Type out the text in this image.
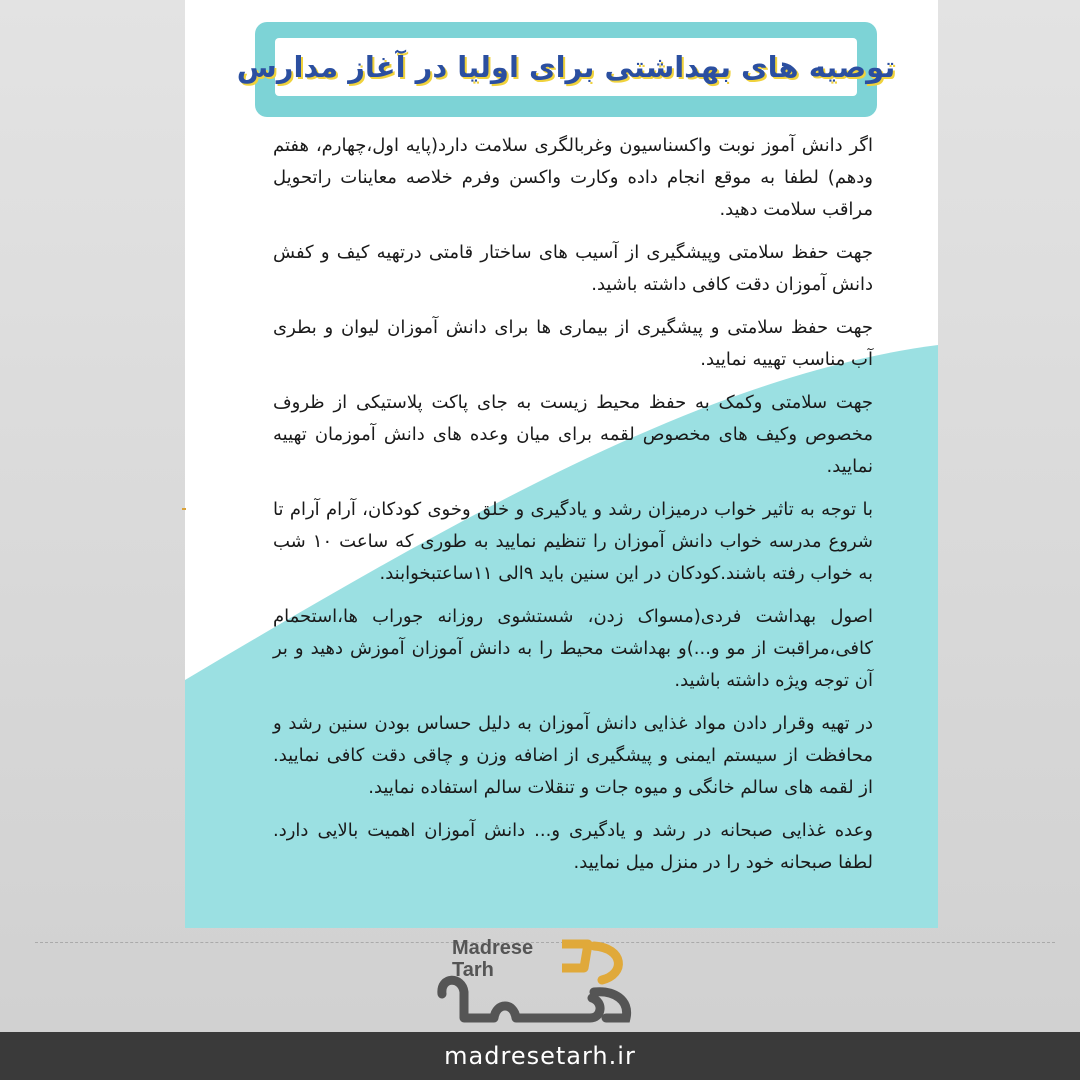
توصیه های بهداشتی برای اولیا در آغاز مدارس

اگر دانش آموز نوبت واکسناسیون وغربالگری سلامت دارد(پایه اول،چهارم، هفتم ودهم) لطفا به موقع انجام داده وکارت واکسن وفرم خلاصه معاینات راتحویل مراقب سلامت دهید.

جهت حفظ سلامتی وپیشگیری از آسیب های ساختار قامتی درتهیه کیف و کفش دانش آموزان دقت کافی داشته باشید.

جهت حفظ سلامتی و پیشگیری از بیماری ها برای دانش آموزان لیوان و بطری آب مناسب تهییه نمایید.

جهت سلامتی وکمک به حفظ محیط زیست به جای پاکت پلاستیکی از ظروف مخصوص وکیف های مخصوص لقمه برای میان وعده های دانش آموزمان تهییه نمایید.

با توجه به تاثیر خواب درمیزان رشد و یادگیری و خلق وخوی کودکان، آرام آرام تا شروع مدرسه خواب دانش آموزان را تنظیم نمایید به طوری که ساعت ۱۰ شب به خواب رفته باشند.کودکان در این سنین باید ۹الی ۱۱ساعتبخوابند.

اصول بهداشت فردی(مسواک زدن، شستشوی روزانه جوراب ها،استحمام کافی،مراقبت از مو و...)و بهداشت محیط را به دانش آموزان آموزش دهید و بر آن توجه ویژه داشته باشید.

در تهیه وقرار دادن مواد غذایی دانش آموزان به دلیل حساس بودن سنین رشد و محافظت از سیستم ایمنی و پیشگیری از اضافه وزن و چاقی دقت کافی نمایید. از لقمه های سالم خانگی و میوه جات و تنقلات سالم استفاده نمایید.

وعده غذایی صبحانه در رشد و یادگیری و... دانش آموزان اهمیت بالایی دارد. لطفا صبحانه خود را در منزل میل نمایید.

Madrese
Tarh
madresetarh.ir
